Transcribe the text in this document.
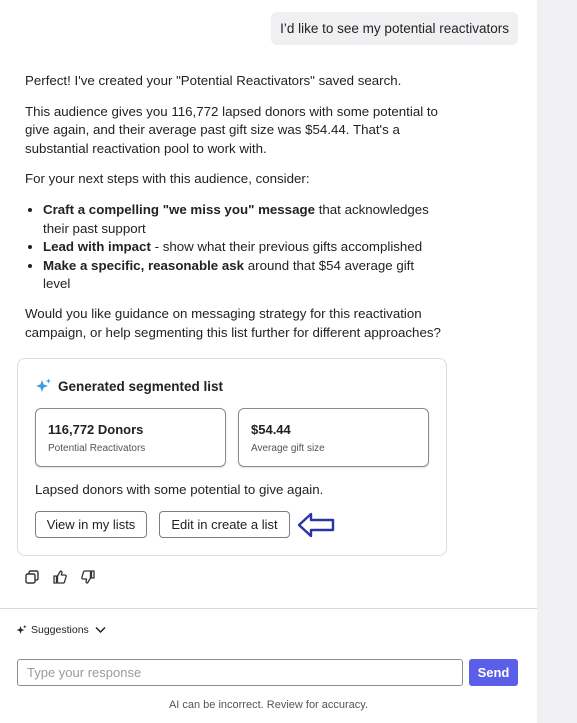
I’d like to see my potential reactivators

Perfect! I've created your "Potential Reactivators" saved search.

This audience gives you 116,772 lapsed donors with some potential to give again, and their average past gift size was $54.44. That's a substantial reactivation pool to work with.

For your next steps with this audience, consider:

• Craft a compelling "we miss you" message that acknowledges their past support
• Lead with impact - show what their previous gifts accomplished
• Make a specific, reasonable ask around that $54 average gift level

Would you like guidance on messaging strategy for this reactivation campaign, or help segmenting this list further for different approaches?

Generated segmented list
116,772 Donors
Potential Reactivators
$54.44
Average gift size
Lapsed donors with some potential to give again.
View in my lists	Edit in create a list
Suggestions
Type your response
Send
AI can be incorrect. Review for accuracy.
